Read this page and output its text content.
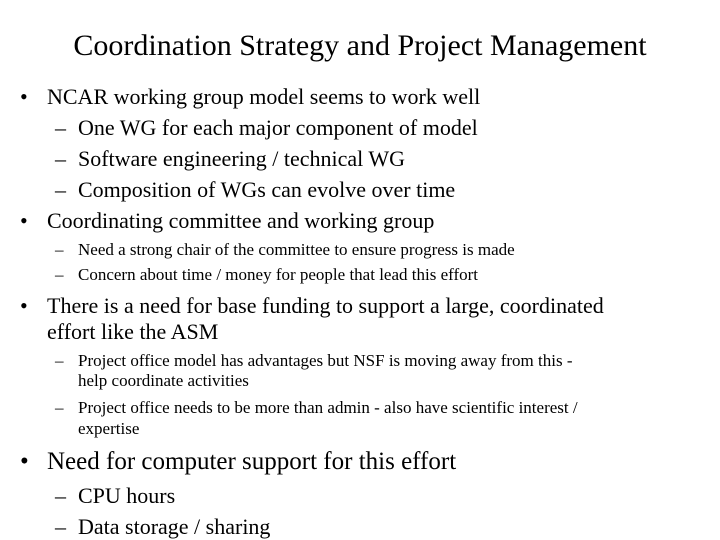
Coordination Strategy and Project Management
• NCAR working group model seems to work well
– One WG for each major component of model
– Software engineering / technical WG
– Composition of WGs can evolve over time
• Coordinating committee and working group
– Need a strong chair of the committee to ensure progress is made
– Concern about time / money for people that lead this effort
• There is a need for base funding to support a large, coordinated
effort like the ASM
– Project office model has advantages but NSF is moving away from this -
help coordinate activities
– Project office needs to be more than admin - also have scientific interest /
expertise
• Need for computer support for this effort
– CPU hours
– Data storage / sharing
